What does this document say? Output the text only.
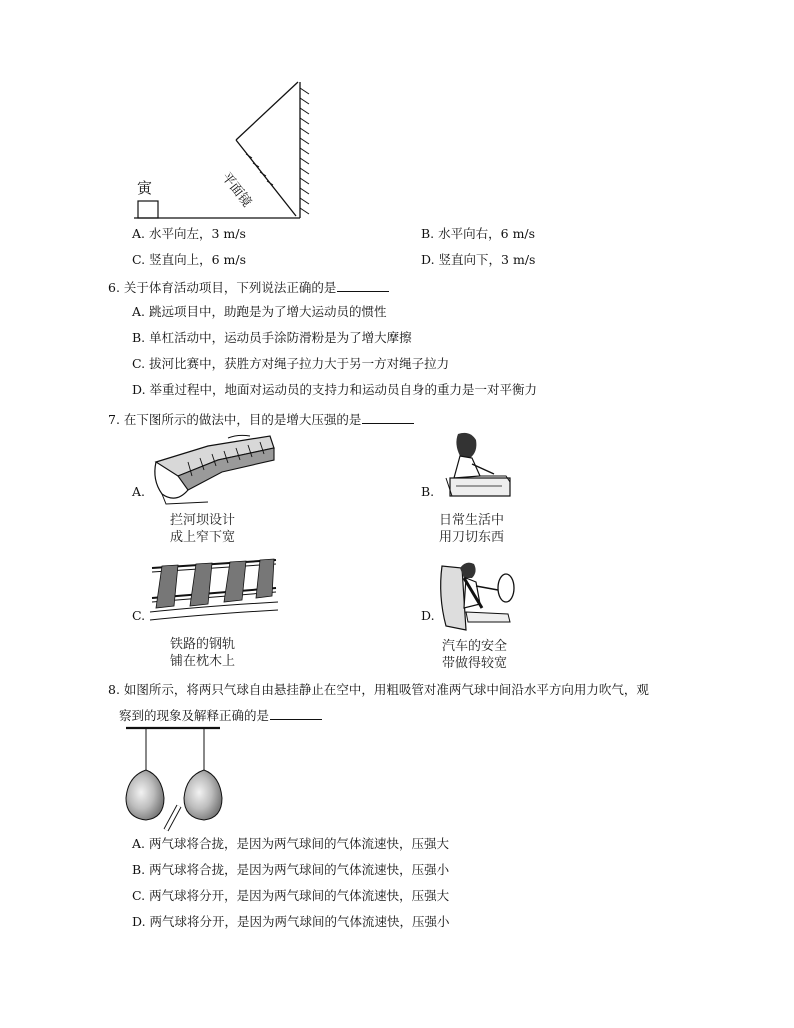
寅	平面镜
A. 水平向左，3 m/s	B. 水平向右，6 m/s
C. 竖直向上，6 m/s	D. 竖直向下，3 m/s
6. 关于体育活动项目，下列说法正确的是
A. 跳远项目中，助跑是为了增大运动员的惯性
B. 单杠活动中，运动员手涂防滑粉是为了增大摩擦
C. 拔河比赛中，获胜方对绳子拉力大于另一方对绳子拉力
D. 举重过程中，地面对运动员的支持力和运动员自身的重力是一对平衡力
7. 在下图所示的做法中，目的是增大压强的是
A.
拦河坝设计
成上窄下宽
B.
日常生活中
用刀切东西
C.
铁路的钢轨
铺在枕木上
D.
汽车的安全
带做得较宽
8. 如图所示，将两只气球自由悬挂静止在空中，用粗吸管对准两气球中间沿水平方向用力吹气，观
察到的现象及解释正确的是
A. 两气球将合拢，是因为两气球间的气体流速快，压强大
B. 两气球将合拢，是因为两气球间的气体流速快，压强小
C. 两气球将分开，是因为两气球间的气体流速快，压强大
D. 两气球将分开，是因为两气球间的气体流速快，压强小
